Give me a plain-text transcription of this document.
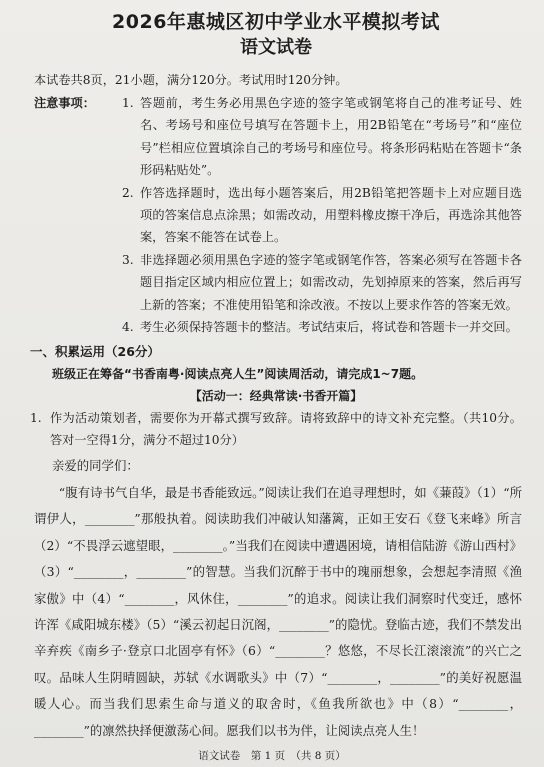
2026年惠城区初中学业水平模拟考试
语文试卷
本试卷共8页，21小题，满分120分。考试用时120分钟。
注意事项：	1. 答题前，考生务必用黑色字迹的签字笔或钢笔将自己的准考证号、姓名、考场号和座位号填写在答题卡上，用2B铅笔在“考场号”和“座位号”栏相应位置填涂自己的考场号和座位号。将条形码粘贴在答题卡“条形码粘贴处”。
2. 作答选择题时，选出每小题答案后，用2B铅笔把答题卡上对应题目选项的答案信息点涂黑；如需改动，用塑料橡皮擦干净后，再选涂其他答案，答案不能答在试卷上。
3. 非选择题必须用黑色字迹的签字笔或钢笔作答，答案必须写在答题卡各题目指定区域内相应位置上；如需改动，先划掉原来的答案，然后再写上新的答案；不准使用铅笔和涂改液。不按以上要求作答的答案无效。
4. 考生必须保持答题卡的整洁。考试结束后，将试卷和答题卡一并交回。
一、积累运用（26分）
班级正在筹备“书香南粤·阅读点亮人生”阅读周活动，请完成1~7题。
【活动一：经典常读·书香开篇】
1. 作为活动策划者，需要你为开幕式撰写致辞。请将致辞中的诗文补充完整。（共10分。答对一空得1分，满分不超过10分）
亲爱的同学们：
“腹有诗书气自华，最是书香能致远。”阅读让我们在追寻理想时，如《蒹葭》（1）“所谓伊人，________”那般执着。阅读助我们冲破认知藩篱，正如王安石《登飞来峰》所言（2）“不畏浮云遮望眼，________。”当我们在阅读中遭遇困境，请相信陆游《游山西村》（3）“________，________”的智慧。当我们沉醉于书中的瑰丽想象，会想起李清照《渔家傲》中（4）“________，风休住，________”的追求。阅读让我们洞察时代变迁，感怀许浑《咸阳城东楼》（5）“溪云初起日沉阁，________”的隐忧。登临古迹，我们不禁发出辛弃疾《南乡子·登京口北固亭有怀》（6）“________？悠悠，不尽长江滚滚流”的兴亡之叹。品味人生阴晴圆缺，苏轼《水调歌头》中（7）“________，________”的美好祝愿温暖人心。而当我们思索生命与道义的取舍时，《鱼我所欲也》中（8）“________，________”的凛然抉择便激荡心间。愿我们以书为伴，让阅读点亮人生！
语文试卷　第 1 页　（共 8 页）
